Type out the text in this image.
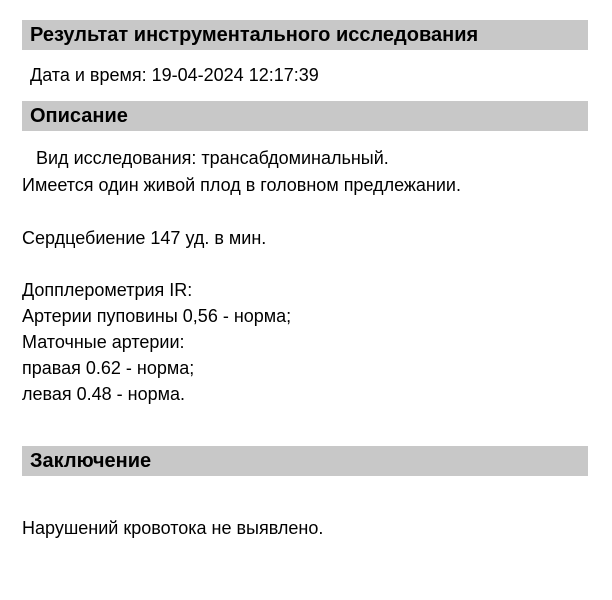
Результат инструментального исследования
Дата и время: 19-04-2024 12:17:39
Описание
Вид исследования: трансабдоминальный.
Имеется один живой плод в головном предлежании.
Сердцебиение 147 уд. в мин.
Допплерометрия IR:
Артерии пуповины 0,56 - норма;
Маточные артерии:
правая 0.62 - норма;
левая 0.48 - норма.
Заключение
Нарушений кровотока не выявлено.
